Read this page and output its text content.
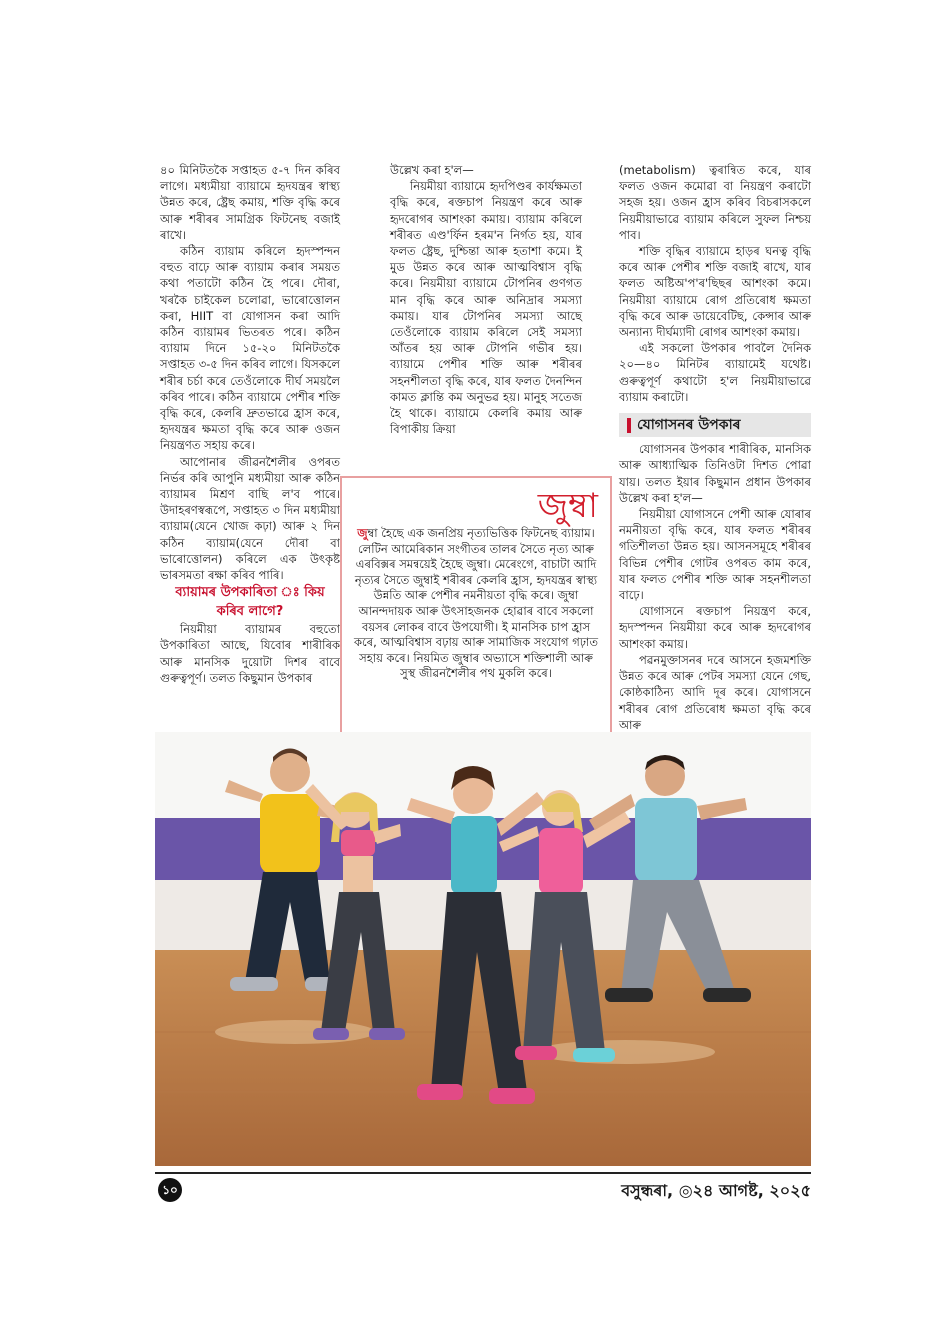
৪০ মিনিটতকৈ সপ্তাহত ৫-৭ দিন কৰিব লাগে। মধ্যমীয়া ব্যায়ামে হৃদযন্ত্ৰৰ স্বাস্থ্য উন্নত কৰে, ষ্ট্ৰেছ কমায়, শক্তি বৃদ্ধি কৰে আৰু শৰীৰৰ সামগ্ৰিক ফিটনেছ বজাই ৰাখে।

কঠিন ব্যায়াম কৰিলে হৃদস্পন্দন বহুত বাঢ়ে আৰু ব্যায়াম কৰাৰ সময়ত কথা পতাটো কঠিন হৈ পৰে। দৌৰা, খৰকৈ চাইকেল চলোৱা, ভাৰোত্তোলন কৰা, HIIT বা যোগাসন কৰা আদি কঠিন ব্যায়ামৰ ভিতৰত পৰে। কঠিন ব্যায়াম দিনে ১৫-২০ মিনিটতকৈ সপ্তাহত ৩-৫ দিন কৰিব লাগে। যিসকলে শৰীৰ চৰ্চা কৰে তেওঁলোকে দীৰ্ঘ সময়লৈ কৰিব পাৰে। কঠিন ব্যায়ামে পেশীৰ শক্তি বৃদ্ধি কৰে, কেলৰি দ্ৰুতভাৱে হ্ৰাস কৰে, হৃদযন্ত্ৰৰ ক্ষমতা বৃদ্ধি কৰে আৰু ওজন নিয়ন্ত্ৰণত সহায় কৰে।

আপোনাৰ জীৱনশৈলীৰ ওপৰত নিৰ্ভৰ কৰি আপুনি মধ্যমীয়া আৰু কঠিন ব্যায়ামৰ মিশ্ৰণ বাছি ল'ব পাৰে। উদাহৰণস্বৰূপে, সপ্তাহত ৩ দিন মধ্যমীয়া ব্যায়াম(যেনে খোজ কঢ়া) আৰু ২ দিন কঠিন ব্যায়াম(যেনে দৌৰা বা ভাৰোত্তোলন) কৰিলে এক উৎকৃষ্ট ভাৰসমতা ৰক্ষা কৰিব পাৰি।

ব্যায়ামৰ উপকাৰিতা ঃ কিয় কৰিব লাগে?

নিয়মীয়া ব্যায়ামৰ বহুতো উপকাৰিতা আছে, যিবোৰ শাৰীৰিক আৰু মানসিক দুয়োটা দিশৰ বাবে গুৰুত্বপূৰ্ণ। তলত কিছুমান উপকাৰ

উল্লেখ কৰা হ'ল—

নিয়মীয়া ব্যায়ামে হৃদপিণ্ডৰ কাৰ্যক্ষমতা বৃদ্ধি কৰে, ৰক্তচাপ নিয়ন্ত্ৰণ কৰে আৰু হৃদৰোগৰ আশংকা কমায়। ব্যায়াম কৰিলে শৰীৰত এণ্ড'ৰ্ফিন হৰম'ন নিৰ্গত হয়, যাৰ ফলত ষ্ট্ৰেছ, দুশ্চিন্তা আৰু হতাশা কমে। ই মুড উন্নত কৰে আৰু আত্মবিশ্বাস বৃদ্ধি কৰে। নিয়মীয়া ব্যায়ামে টোপনিৰ গুণগত মান বৃদ্ধি কৰে আৰু অনিদ্ৰাৰ সমস্যা কমায়। যাৰ টোপনিৰ সমস্যা আছে তেওঁলোকে ব্যায়াম কৰিলে সেই সমস্যা আঁতৰ হয় আৰু টোপনি গভীৰ হয়। ব্যায়ামে পেশীৰ শক্তি আৰু শৰীৰৰ সহনশীলতা বৃদ্ধি কৰে, যাৰ ফলত দৈনন্দিন কামত ক্লান্তি কম অনুভৱ হয়। মানুহ সতেজ হৈ থাকে। ব্যায়ামে কেলৰি কমায় আৰু বিপাকীয় ক্ৰিয়া

(metabolism) ত্বৰান্বিত কৰে, যাৰ ফলত ওজন কমোৱা বা নিয়ন্ত্ৰণ কৰাটো সহজ হয়। ওজন হ্ৰাস কৰিব বিচৰাসকলে নিয়মীয়াভাৱে ব্যায়াম কৰিলে সুফল নিশ্চয় পাব।

শক্তি বৃদ্ধিৰ ব্যায়ামে হাড়ৰ ঘনত্ব বৃদ্ধি কৰে আৰু পেশীৰ শক্তি বজাই ৰাখে, যাৰ ফলত অষ্টিঅ'প'ৰ'ছিছৰ আশংকা কমে। নিয়মীয়া ব্যায়ামে ৰোগ প্ৰতিৰোধ ক্ষমতা বৃদ্ধি কৰে আৰু ডায়েবেটিছ, কেন্সাৰ আৰু অন্যান্য দীৰ্ঘম্যাদী ৰোগৰ আশংকা কমায়।

এই সকলো উপকাৰ পাবলৈ দৈনিক ২০—৪০ মিনিটৰ ব্যায়ামেই যথেষ্ট। গুৰুত্বপূৰ্ণ কথাটো হ'ল নিয়মীয়াভাৱে ব্যায়াম কৰাটো।

যোগাসনৰ উপকাৰ

যোগাসনৰ উপকাৰ শাৰীৰিক, মানসিক আৰু আধ্যাত্মিক তিনিওটা দিশত পোৱা যায়। তলত ইয়াৰ কিছুমান প্ৰধান উপকাৰ উল্লেখ কৰা হ'ল—

নিয়মীয়া যোগাসনে পেশী আৰু যোৰাৰ নমনীয়তা বৃদ্ধি কৰে, যাৰ ফলত শৰীৰৰ গতিশীলতা উন্নত হয়। আসনসমূহে শৰীৰৰ বিভিন্ন পেশীৰ গোটৰ ওপৰত কাম কৰে, যাৰ ফলত পেশীৰ শক্তি আৰু সহনশীলতা বাঢ়ে।

যোগাসনে ৰক্তচাপ নিয়ন্ত্ৰণ কৰে, হৃদস্পন্দন নিয়মীয়া কৰে আৰু হৃদৰোগৰ আশংকা কমায়।

পৱনমুক্তাসনৰ দৰে আসনে হজমশক্তি উন্নত কৰে আৰু পেটৰ সমস্যা যেনে গেছ, কোষ্ঠকাঠিন্য আদি দূৰ কৰে। যোগাসনে শৰীৰৰ ৰোগ প্ৰতিৰোধ ক্ষমতা বৃদ্ধি কৰে আৰু

জুম্বা
জুম্বা হৈছে এক জনপ্ৰিয় নৃত্যভিত্তিক ফিটনেছ ব্যায়াম। লেটিন আমেৰিকান সংগীতৰ তালৰ সৈতে নৃত্য আৰু এৰবিক্সৰ সমন্বয়েই হৈছে জুম্বা। মেৰেংগে, বাচাটা আদি নৃত্যৰ সৈতে জুম্বাই শৰীৰৰ কেলৰি হ্ৰাস, হৃদযন্ত্ৰৰ স্বাস্থ্য উন্নতি আৰু পেশীৰ নমনীয়তা বৃদ্ধি কৰে। জুম্বা আনন্দদায়ক আৰু উৎসাহজনক হোৱাৰ বাবে সকলো বয়সৰ লোকৰ বাবে উপযোগী। ই মানসিক চাপ হ্ৰাস কৰে, আত্মবিশ্বাস বঢ়ায় আৰু সামাজিক সংযোগ গঢ়াত সহায় কৰে। নিয়মিত জুম্বাৰ অভ্যাসে শক্তিশালী আৰু সুস্থ জীৱনশৈলীৰ পথ মুকলি কৰে।
১০	বসুন্ধৰা, ◎২৪ আগষ্ট, ২০২৫
